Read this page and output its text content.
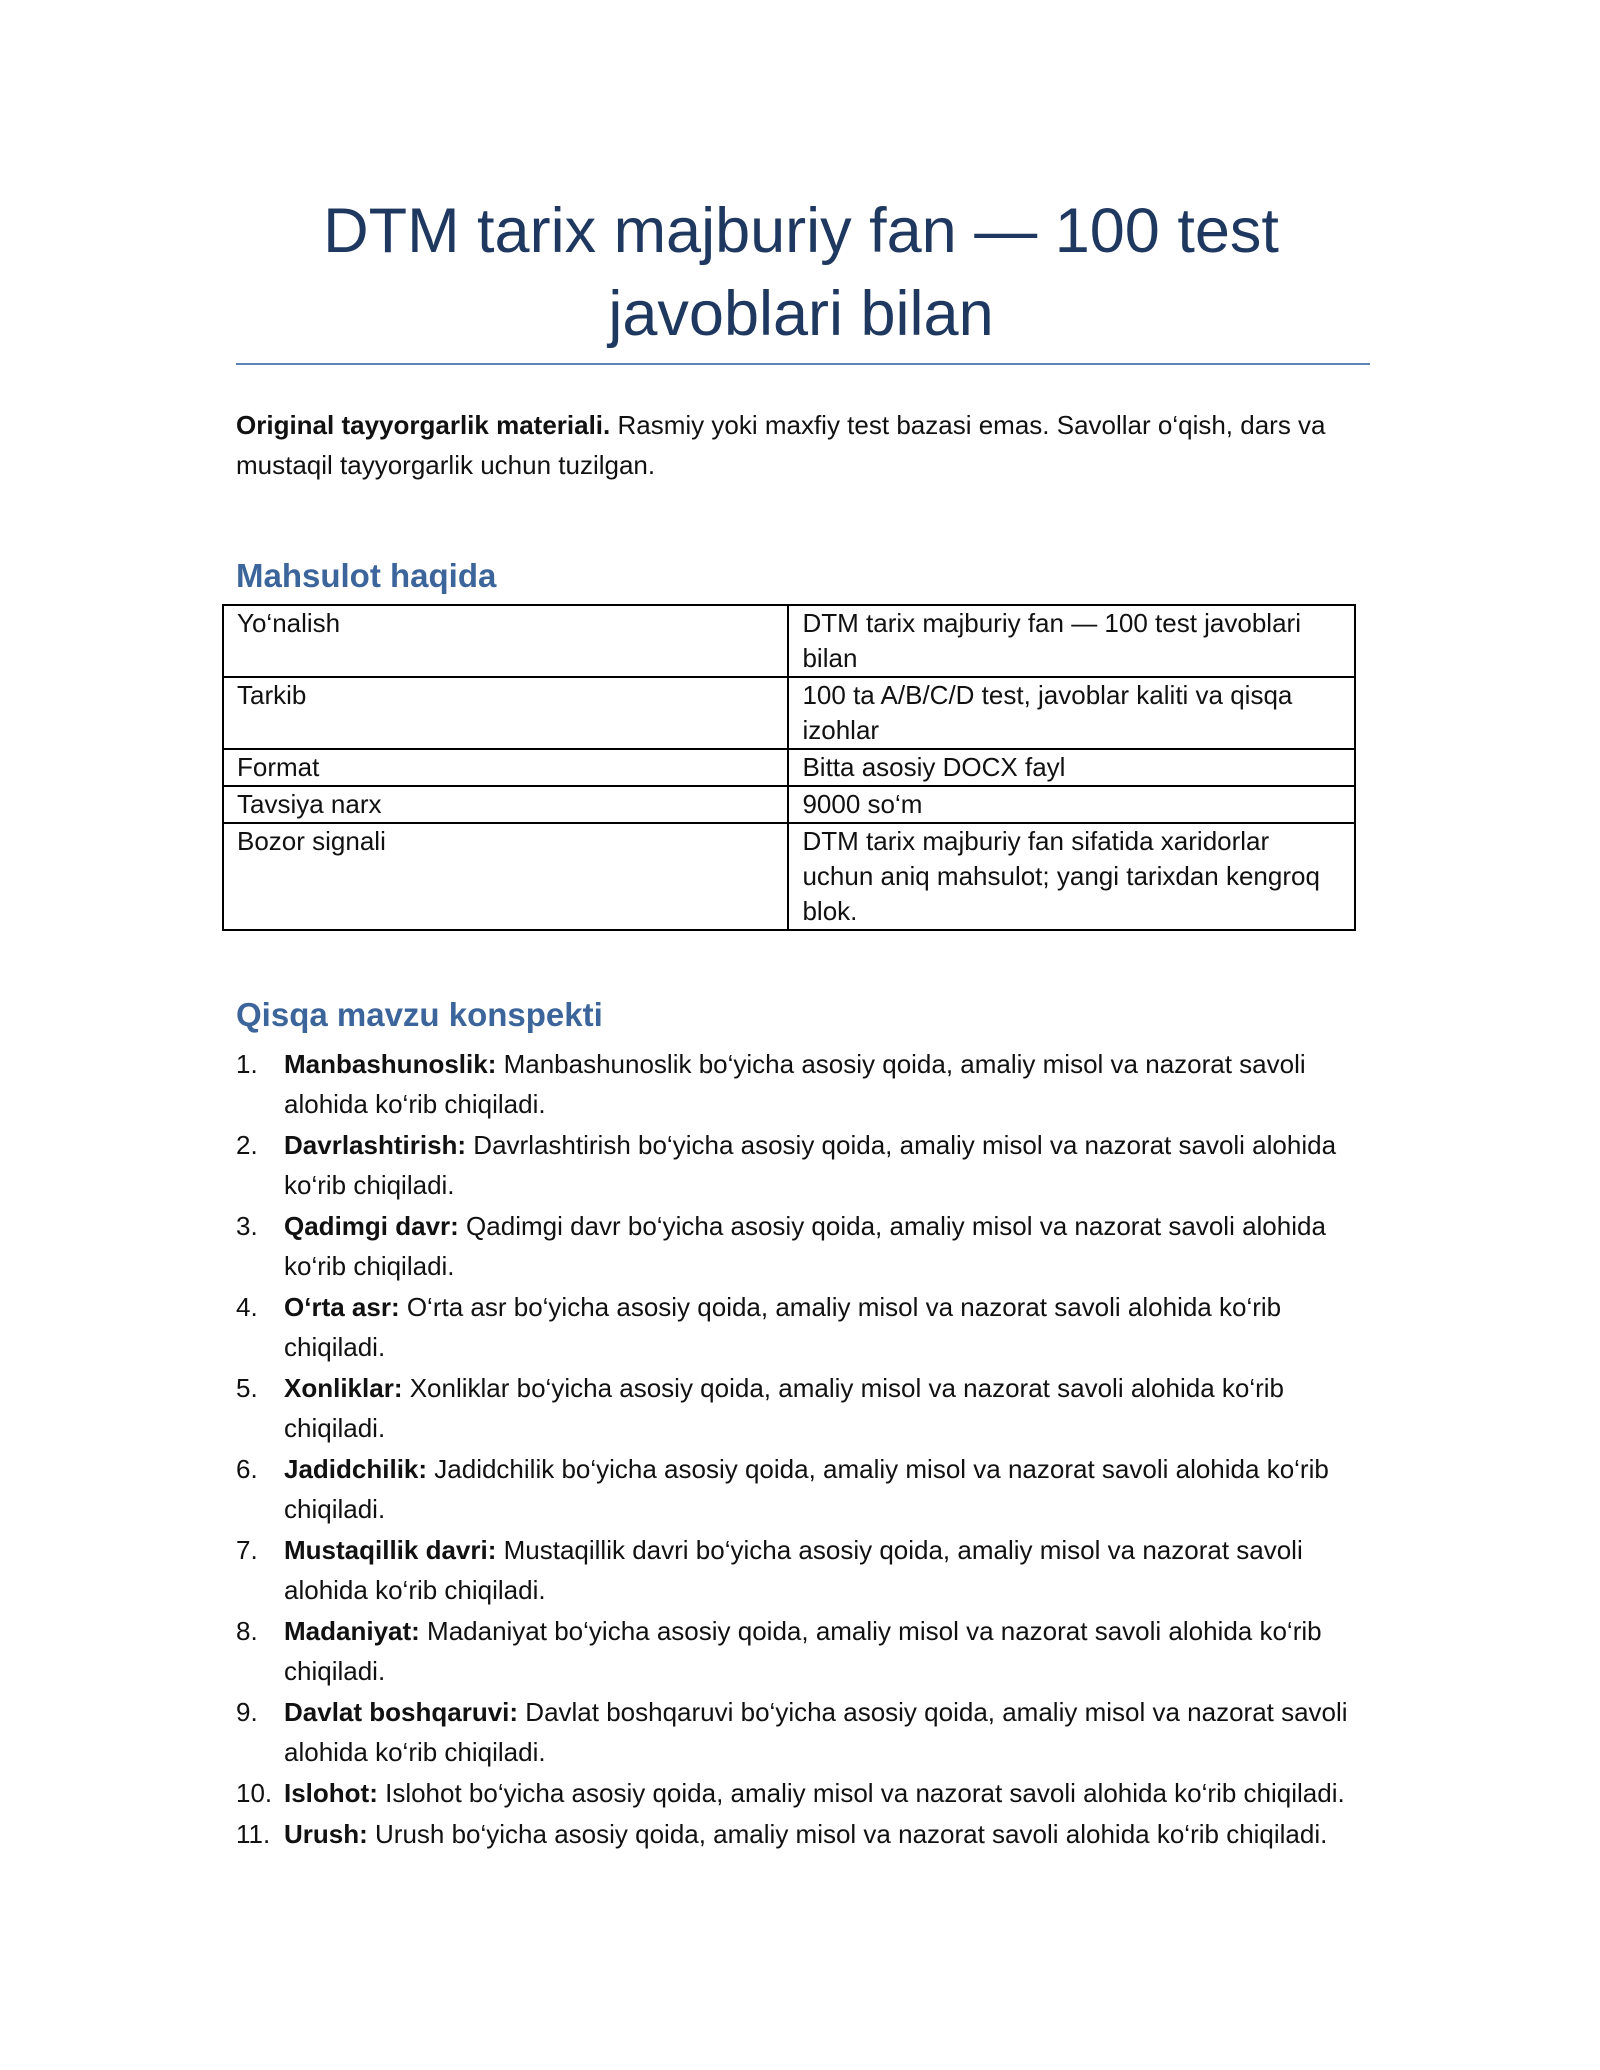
DTM tarix majburiy fan — 100 test javoblari bilan

Original tayyorgarlik materiali. Rasmiy yoki maxfiy test bazasi emas. Savollar o‘qish, dars va mustaqil tayyorgarlik uchun tuzilgan.

Mahsulot haqida
Yo‘nalish	DTM tarix majburiy fan — 100 test javoblari bilan
Tarkib	100 ta A/B/C/D test, javoblar kaliti va qisqa izohlar
Format	Bitta asosiy DOCX fayl
Tavsiya narx	9000 so‘m
Bozor signali	DTM tarix majburiy fan sifatida xaridorlar uchun aniq mahsulot; yangi tarixdan kengroq blok.
Qisqa mavzu konspekti
1. Manbashunoslik: Manbashunoslik bo‘yicha asosiy qoida, amaliy misol va nazorat savoli alohida ko‘rib chiqiladi.
2. Davrlashtirish: Davrlashtirish bo‘yicha asosiy qoida, amaliy misol va nazorat savoli alohida ko‘rib chiqiladi.
3. Qadimgi davr: Qadimgi davr bo‘yicha asosiy qoida, amaliy misol va nazorat savoli alohida ko‘rib chiqiladi.
4. O‘rta asr: O‘rta asr bo‘yicha asosiy qoida, amaliy misol va nazorat savoli alohida ko‘rib chiqiladi.
5. Xonliklar: Xonliklar bo‘yicha asosiy qoida, amaliy misol va nazorat savoli alohida ko‘rib chiqiladi.
6. Jadidchilik: Jadidchilik bo‘yicha asosiy qoida, amaliy misol va nazorat savoli alohida ko‘rib chiqiladi.
7. Mustaqillik davri: Mustaqillik davri bo‘yicha asosiy qoida, amaliy misol va nazorat savoli alohida ko‘rib chiqiladi.
8. Madaniyat: Madaniyat bo‘yicha asosiy qoida, amaliy misol va nazorat savoli alohida ko‘rib chiqiladi.
9. Davlat boshqaruvi: Davlat boshqaruvi bo‘yicha asosiy qoida, amaliy misol va nazorat savoli alohida ko‘rib chiqiladi.
10. Islohot: Islohot bo‘yicha asosiy qoida, amaliy misol va nazorat savoli alohida ko‘rib chiqiladi.
11. Urush: Urush bo‘yicha asosiy qoida, amaliy misol va nazorat savoli alohida ko‘rib chiqiladi.
